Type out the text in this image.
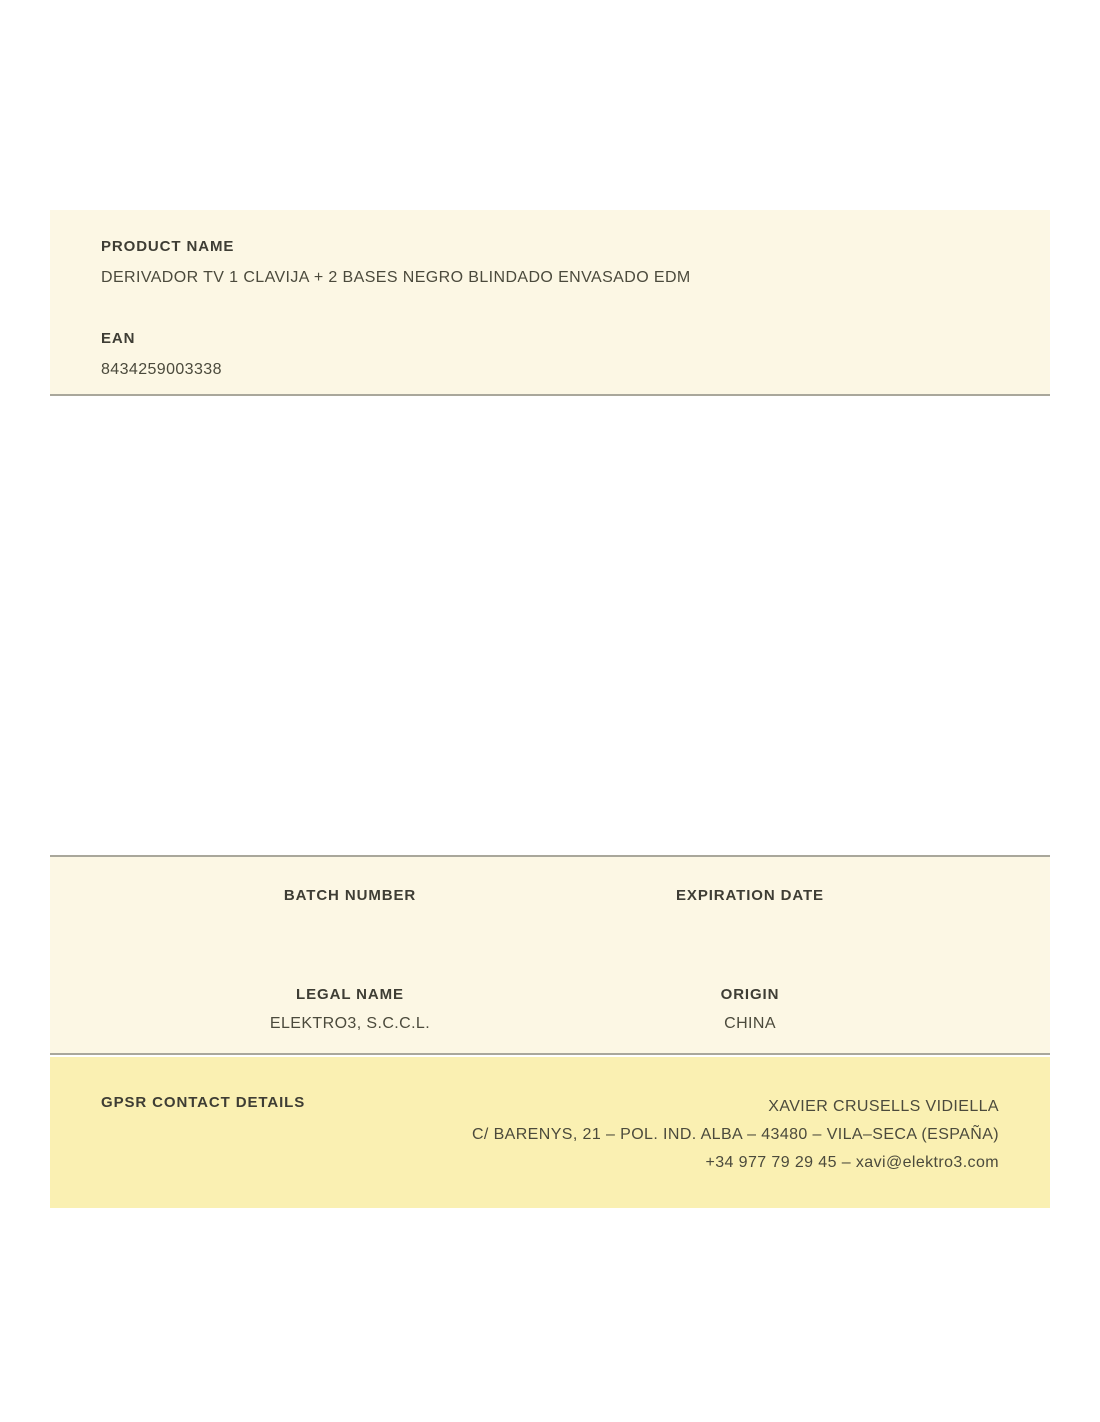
PRODUCT NAME
DERIVADOR TV 1 CLAVIJA + 2 BASES NEGRO BLINDADO ENVASADO EDM
EAN
8434259003338
BATCH NUMBER	EXPIRATION DATE
LEGAL NAME
ELEKTRO3, S.C.C.L.
ORIGIN
CHINA
GPSR CONTACT DETAILS	XAVIER CRUSELLS VIDIELLA
C/ BARENYS, 21 – POL. IND. ALBA – 43480 – VILA–SECA (ESPAÑA)
+34 977 79 29 45 – xavi@elektro3.com
